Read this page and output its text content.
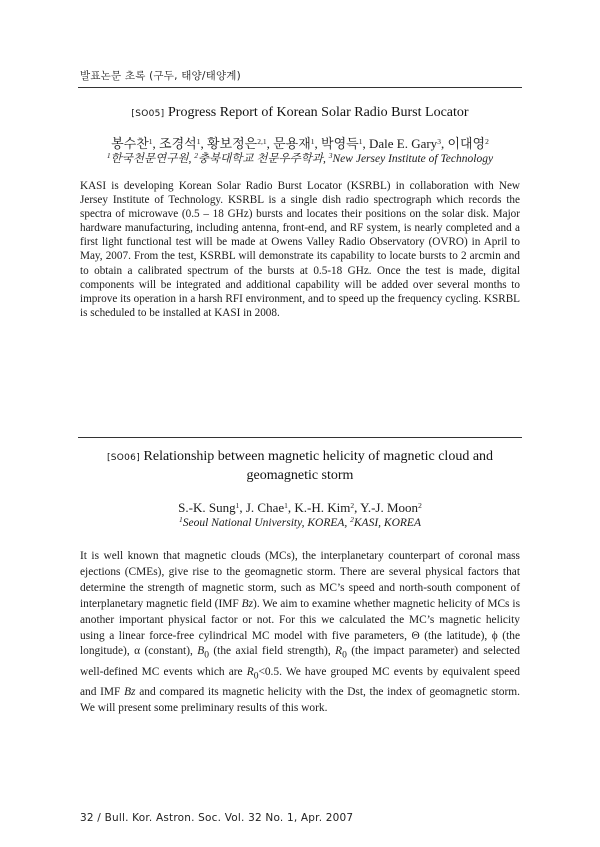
발표논문 초록 (구두, 태양/태양계)
[SO05] Progress Report of Korean Solar Radio Burst Locator
봉수찬$^1$, 조경석$^1$, 황보정은$^{2,1}$, 문용재$^1$, 박영득$^1$, Dale E. Gary$^3$, 이대영$^2$
$^1$한국천문연구원, $^2$충북대학교 천문우주학과, $^3$New Jersey Institute of Technology
KASI is developing Korean Solar Radio Burst Locator (KSRBL) in collaboration with New Jersey Institute of Technology. KSRBL is a single dish radio spectrograph which records the spectra of microwave (0.5 – 18 GHz) bursts and locates their positions on the solar disk. Major hardware manufacturing, including antenna, front-end, and RF system, is nearly completed and a first light functional test will be made at Owens Valley Radio Observatory (OVRO) in April to May, 2007. From the test, KSRBL will demonstrate its capability to locate bursts to 2 arcmin and to obtain a calibrated spectrum of the bursts at 0.5-18 GHz. Once the test is made, digital components will be integrated and additional capability will be added over several months to improve its operation in a harsh RFI environment, and to speed up the frequency cycling. KSRBL is scheduled to be installed at KASI in 2008.
[SO06] Relationship between magnetic helicity of magnetic cloud and geomagnetic storm
S.-K. Sung$^1$, J. Chae$^1$, K.-H. Kim$^2$, Y.-J. Moon$^2$
$^1$Seoul National University, KOREA, $^2$KASI, KOREA
It is well known that magnetic clouds (MCs), the interplanetary counterpart of coronal mass ejections (CMEs), give rise to the geomagnetic storm. There are several physical factors that determine the strength of magnetic storm, such as MC’s speed and north-south component of interplanetary magnetic field (IMF Bz). We aim to examine whether magnetic helicity of MCs is another important physical factor or not. For this we calculated the MC’s magnetic helicity using a linear force-free cylindrical MC model with five parameters, Θ (the latitude), ϕ (the longitude), α (constant), $B_0$ (the axial field strength), $R_0$ (the impact parameter) and selected well-defined MC events which are $R_0<0.5$. We have grouped MC events by equivalent speed and IMF Bz and compared its magnetic helicity with the Dst, the index of geomagnetic storm. We will present some preliminary results of this work.
32 / Bull. Kor. Astron. Soc. Vol. 32 No. 1, Apr. 2007
